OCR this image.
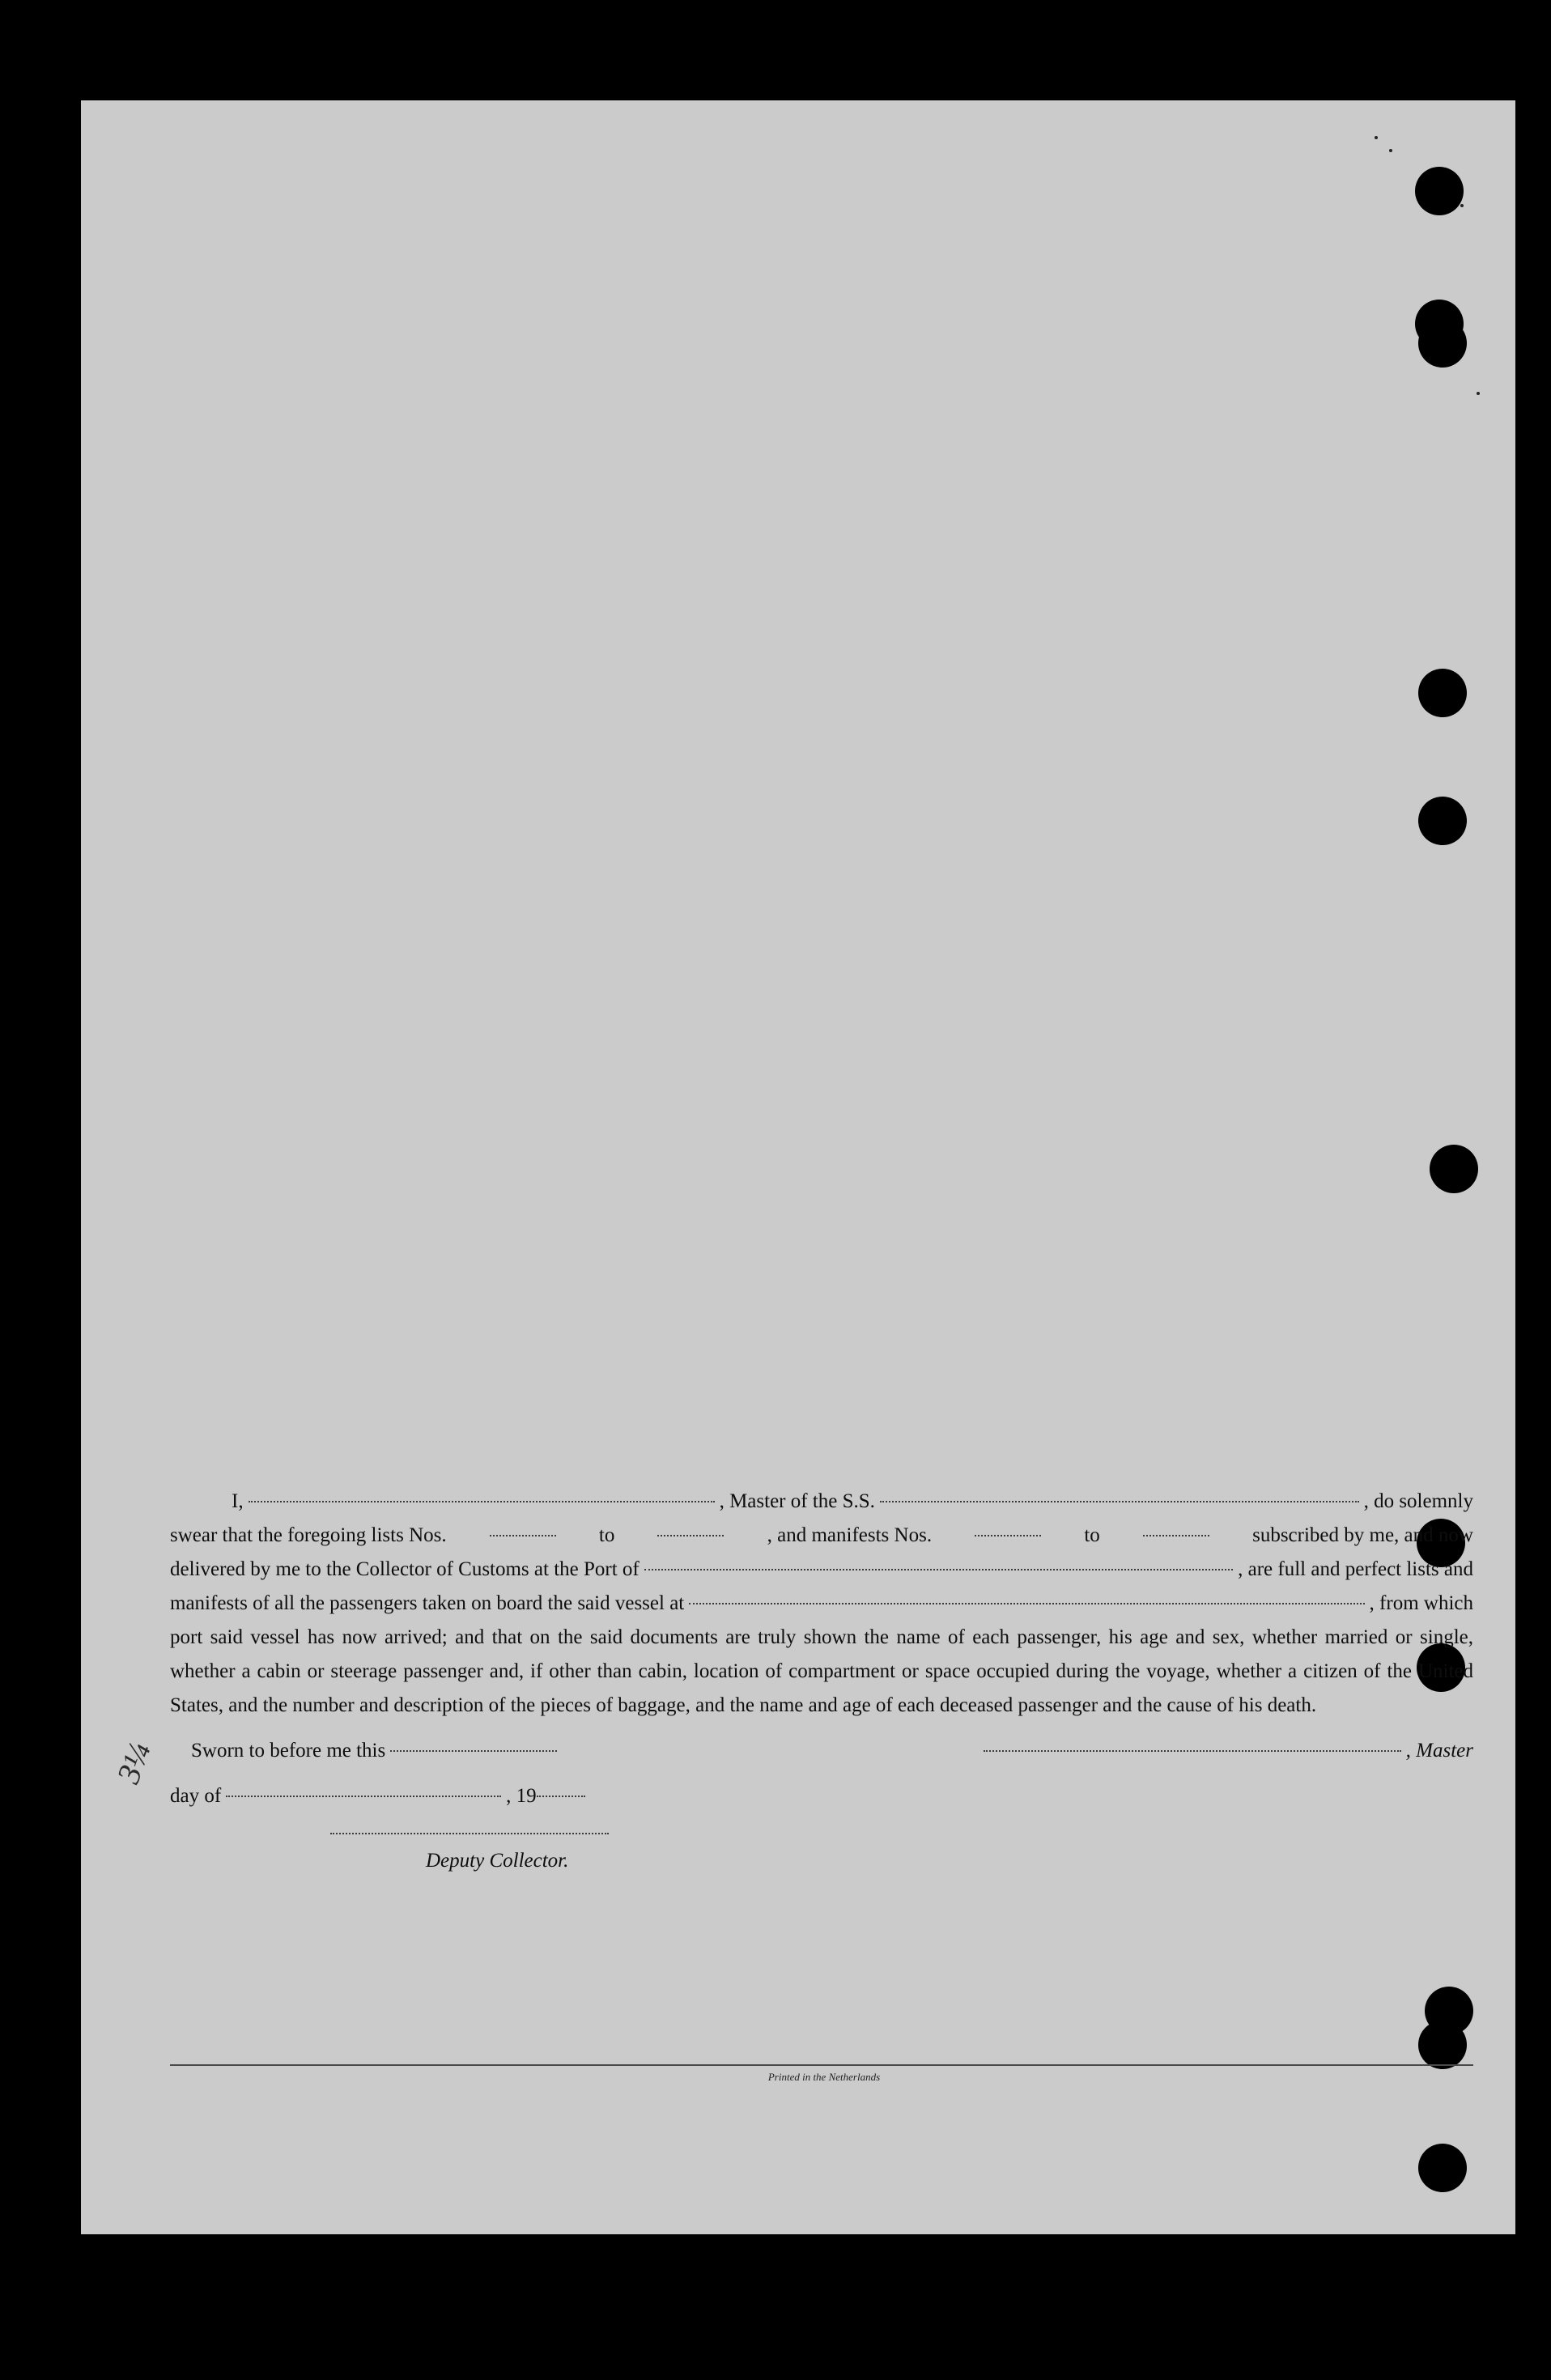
3¼
I,	, Master of the S.S.	, do solemnly
swear that the foregoing lists Nos.	to	, and manifests Nos.	to	subscribed by me, and now
delivered by me to the Collector of Customs at the Port of	, are full and perfect lists and
manifests of all the passengers taken on board the said vessel at	, from which
port said vessel has now arrived; and that on the said documents are truly shown the name of each passenger, his age and sex, whether married or single, whether a cabin or steerage passenger and, if other than cabin, location of compartment or space occupied during the voyage, whether a citizen of the United States, and the number and description of the pieces of baggage, and the name and age of each deceased passenger and the cause of his death.
Sworn to before me this	, Master
day of	, 19
Deputy Collector.
Printed in the Netherlands
